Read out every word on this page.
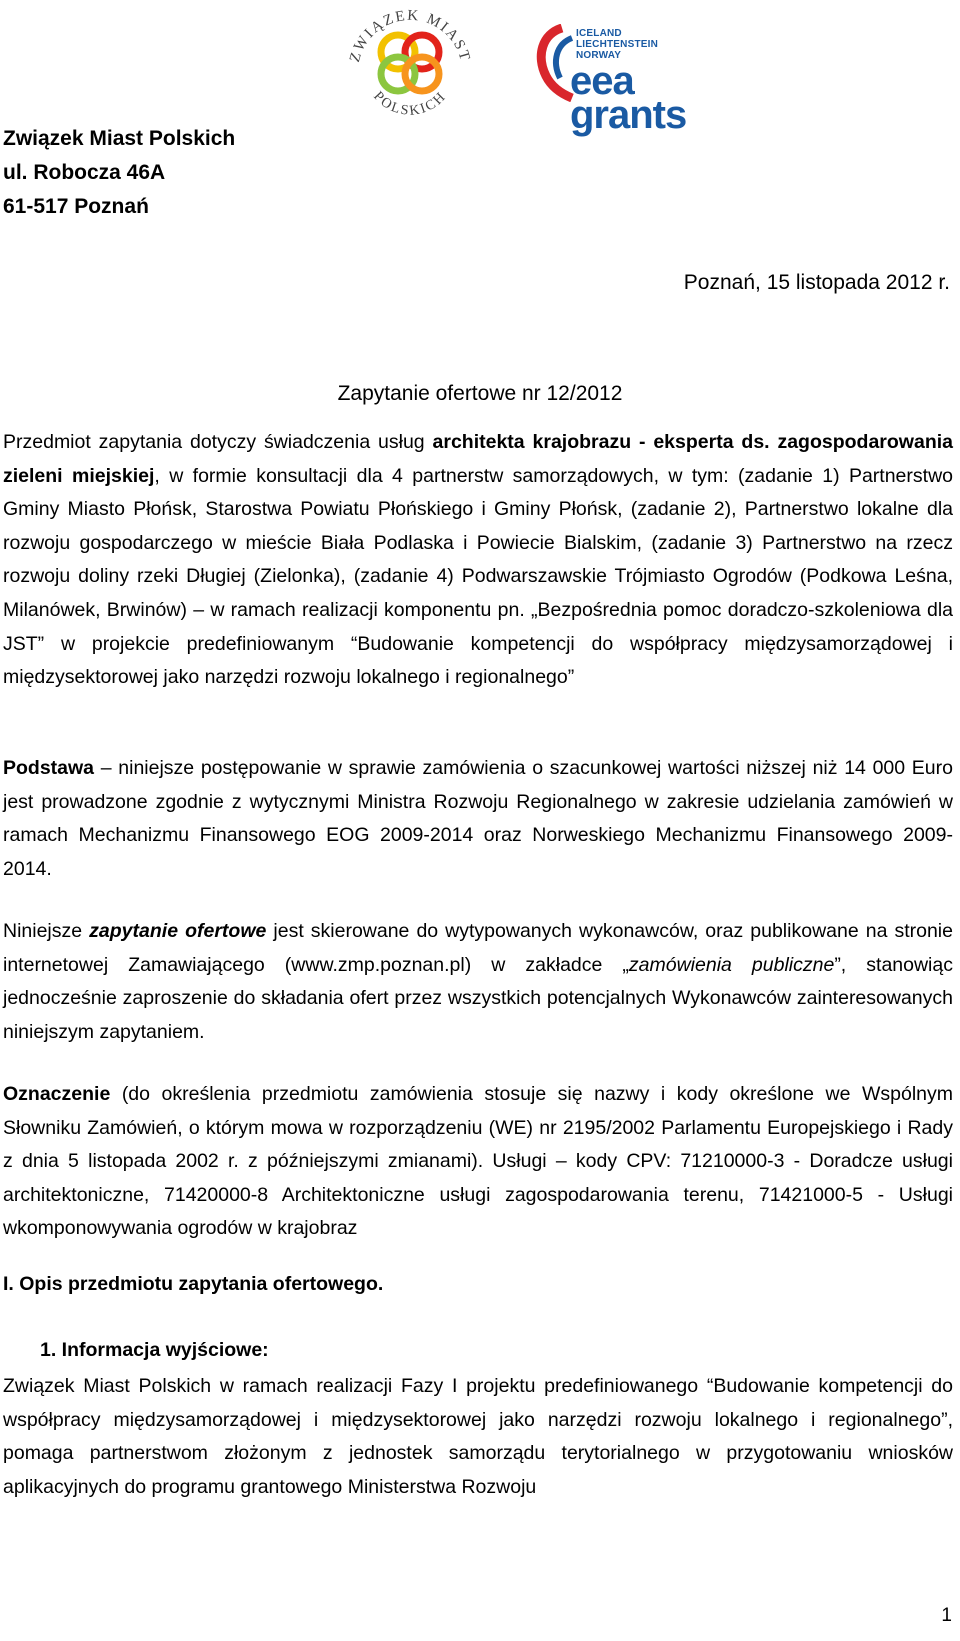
ZWIĄZEK MIAST
POLSKICH
ICELAND
LIECHTENSTEIN
NORWAY
eea
grants
Związek Miast Polskich
ul. Robocza 46A
61-517 Poznań
Poznań, 15 listopada 2012 r.
Zapytanie ofertowe nr 12/2012
Przedmiot zapytania dotyczy świadczenia usług architekta krajobrazu - eksperta ds. zagospodarowania zieleni miejskiej, w formie konsultacji dla 4 partnerstw samorządowych, w tym: (zadanie 1) Partnerstwo Gminy Miasto Płońsk, Starostwa Powiatu Płońskiego i Gminy Płońsk, (zadanie 2), Partnerstwo lokalne dla rozwoju gospodarczego w mieście Biała Podlaska i Powiecie Bialskim, (zadanie 3) Partnerstwo na rzecz rozwoju doliny rzeki Długiej (Zielonka), (zadanie 4) Podwarszawskie Trójmiasto Ogrodów (Podkowa Leśna, Milanówek, Brwinów) – w ramach realizacji komponentu pn. „Bezpośrednia pomoc doradczo-szkoleniowa dla JST” w projekcie predefiniowanym “Budowanie kompetencji do współpracy międzysamorządowej i międzysektorowej jako narzędzi rozwoju lokalnego i regionalnego”
Podstawa – niniejsze postępowanie w sprawie zamówienia o szacunkowej wartości niższej niż 14 000 Euro jest prowadzone zgodnie z wytycznymi Ministra Rozwoju Regionalnego w zakresie udzielania zamówień w ramach Mechanizmu Finansowego EOG 2009-2014 oraz Norweskiego Mechanizmu Finansowego 2009-2014.
Niniejsze zapytanie ofertowe jest skierowane do wytypowanych wykonawców, oraz publikowane na stronie internetowej Zamawiającego (www.zmp.poznan.pl) w zakładce „zamówienia publiczne”, stanowiąc jednocześnie zaproszenie do składania ofert przez wszystkich potencjalnych Wykonawców zainteresowanych niniejszym zapytaniem.
Oznaczenie (do określenia przedmiotu zamówienia stosuje się nazwy i kody określone we Wspólnym Słowniku Zamówień, o którym mowa w rozporządzeniu (WE) nr 2195/2002 Parlamentu Europejskiego i Rady z dnia 5 listopada 2002 r. z późniejszymi zmianami). Usługi – kody CPV: 71210000-3 - Doradcze usługi architektoniczne, 71420000-8 Architektoniczne usługi zagospodarowania terenu, 71421000-5 - Usługi wkomponowywania ogrodów w krajobraz
I. Opis przedmiotu zapytania ofertowego.
1. Informacja wyjściowe:
Związek Miast Polskich w ramach realizacji Fazy I projektu predefiniowanego “Budowanie kompetencji do współpracy międzysamorządowej i międzysektorowej jako narzędzi rozwoju lokalnego i regionalnego”, pomaga partnerstwom złożonym z jednostek samorządu terytorialnego w przygotowaniu wniosków aplikacyjnych do programu grantowego Ministerstwa Rozwoju
1
